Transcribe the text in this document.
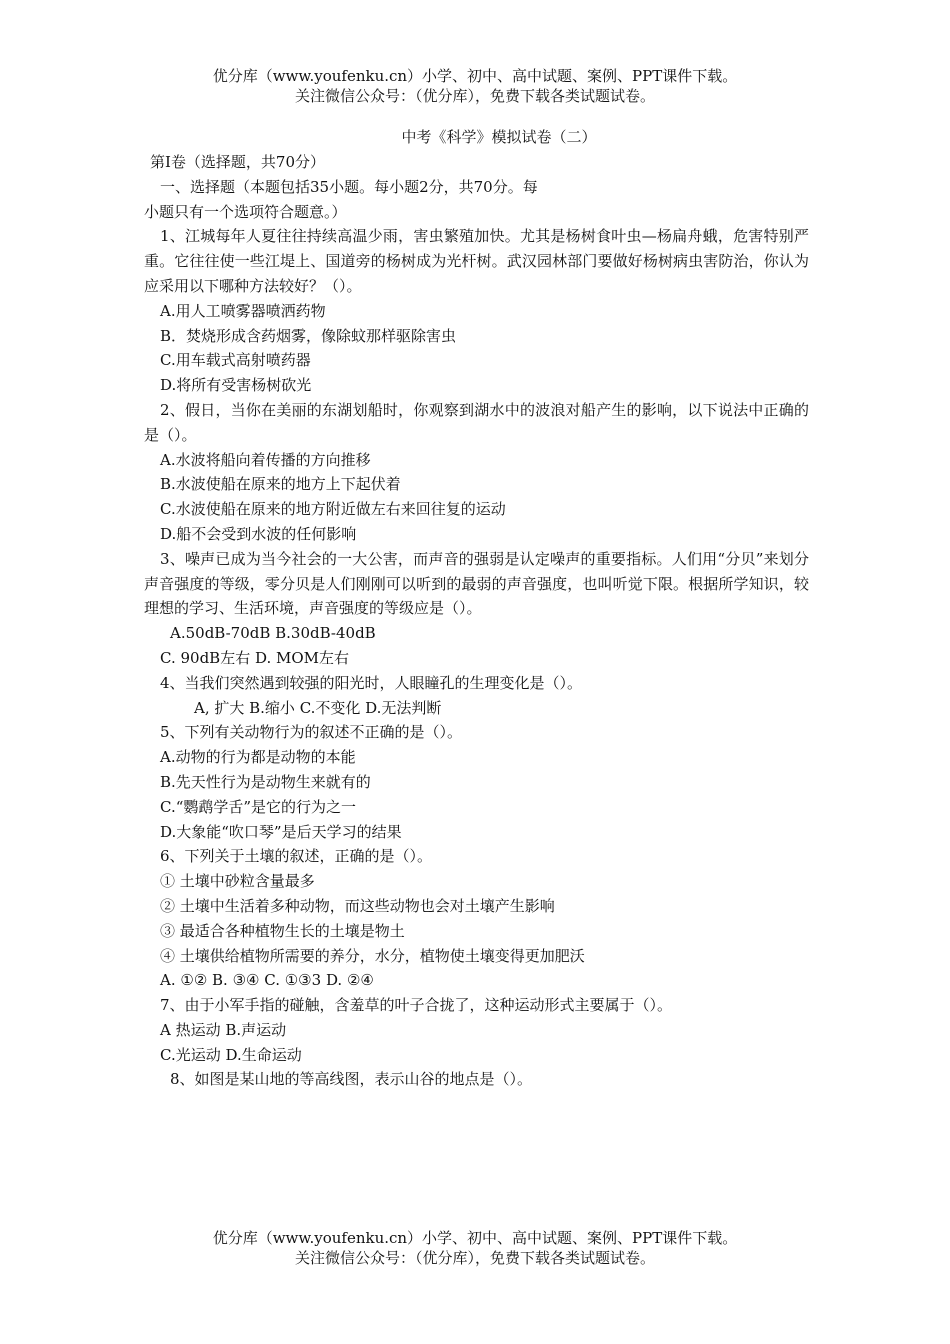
优分库（www.youfenku.cn）小学、初中、高中试题、案例、PPT课件下载。
关注微信公众号：（优分库），免费下载各类试题试卷。
中考《科学》模拟试卷（二）
第I卷（选择题，共70分）
一、选择题（本题包括35小题。每小题2分，共70分。每
小题只有一个选项符合题意。）
1、江城每年人夏往往持续高温少雨，害虫繁殖加快。尤其是杨树食叶虫—杨扁舟蛾，危害特别严重。它往往使一些江堤上、国道旁的杨树成为光杆树。武汉园林部门要做好杨树病虫害防治，你认为应采用以下哪种方法较好？（）。
A.用人工喷雾器喷洒药物
B．焚烧形成含药烟雾，像除蚊那样驱除害虫
C.用车载式高射喷药器
D.将所有受害杨树砍光
2、假日，当你在美丽的东湖划船时，你观察到湖水中的波浪对船产生的影响，以下说法中正确的是（）。
A.水波将船向着传播的方向推移
B.水波使船在原来的地方上下起伏着
C.水波使船在原来的地方附近做左右来回往复的运动
D.船不会受到水波的任何影响
3、噪声已成为当今社会的一大公害，而声音的强弱是认定噪声的重要指标。人们用“分贝”来划分声音强度的等级，零分贝是人们刚刚可以听到的最弱的声音强度，也叫听觉下限。根据所学知识，较理想的学习、生活环境，声音强度的等级应是（）。
A.50dB-70dB B.30dB-40dB
C. 90dB左右 D. MOM左右
4、当我们突然遇到较强的阳光时，人眼瞳孔的生理变化是（）。
A, 扩大 B.缩小 C.不变化 D.无法判断
5、下列有关动物行为的叙述不正确的是（）。
A.动物的行为都是动物的本能
B.先天性行为是动物生来就有的
C.“鹦鹉学舌”是它的行为之一
D.大象能“吹口琴”是后天学习的结果
6、下列关于土壤的叙述，正确的是（）。
① 土壤中砂粒含量最多
② 土壤中生活着多种动物，而这些动物也会对土壤产生影响
③ 最适合各种植物生长的土壤是物土
④ 土壤供给植物所需要的养分，水分，植物使土壤变得更加肥沃
A. ①② B. ③④ C. ①③3 D. ②④
7、由于小军手指的碰触，含羞草的叶子合拢了，这种运动形式主要属于（）。
A 热运动 B.声运动
C.光运动 D.生命运动
8、如图是某山地的等高线图，表示山谷的地点是（）。
优分库（www.youfenku.cn）小学、初中、高中试题、案例、PPT课件下载。
关注微信公众号：（优分库），免费下载各类试题试卷。
